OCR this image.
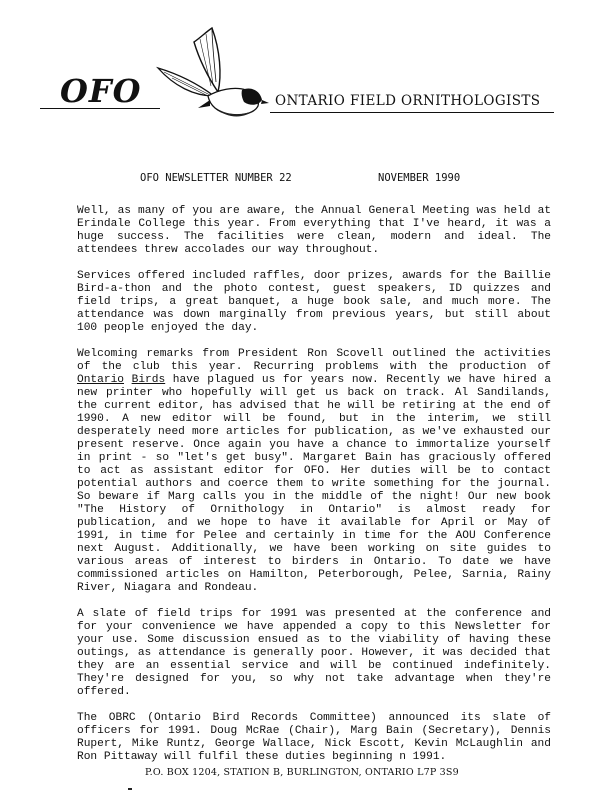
OFO	ONTARIO FIELD ORNITHOLOGISTS
OFO NEWSLETTER NUMBER 22	NOVEMBER 1990

Well, as many of you are aware, the Annual General Meeting was held at Erindale College this year. From everything that I've heard, it was a huge success. The facilities were clean, modern and ideal. The attendees threw accolades our way throughout.

Services offered included raffles, door prizes, awards for the Baillie Bird-a-thon and the photo contest, guest speakers, ID quizzes and field trips, a great banquet, a huge book sale, and much more. The attendance was down marginally from previous years, but still about 100 people enjoyed the day.

Welcoming remarks from President Ron Scovell outlined the activities of the club this year. Recurring problems with the production of Ontario Birds have plagued us for years now. Recently we have hired a new printer who hopefully will get us back on track. Al Sandilands, the current editor, has advised that he will be retiring at the end of 1990. A new editor will be found, but in the interim, we still desperately need more articles for publication, as we've exhausted our present reserve. Once again you have a chance to immortalize yourself in print - so "let's get busy". Margaret Bain has graciously offered to act as assistant editor for OFO. Her duties will be to contact potential authors and coerce them to write something for the journal. So beware if Marg calls you in the middle of the night! Our new book "The History of Ornithology in Ontario" is almost ready for publication, and we hope to have it available for April or May of 1991, in time for Pelee and certainly in time for the AOU Conference next August. Additionally, we have been working on site guides to various areas of interest to birders in Ontario. To date we have commissioned articles on Hamilton, Peterborough, Pelee, Sarnia, Rainy River, Niagara and Rondeau.

A slate of field trips for 1991 was presented at the conference and for your convenience we have appended a copy to this Newsletter for your use. Some discussion ensued as to the viability of having these outings, as attendance is generally poor. However, it was decided that they are an essential service and will be continued indefinitely. They're designed for you, so why not take advantage when they're offered.

The OBRC (Ontario Bird Records Committee) announced its slate of officers for 1991. Doug McRae (Chair), Marg Bain (Secretary), Dennis Rupert, Mike Runtz, George Wallace, Nick Escott, Kevin McLaughlin and Ron Pittaway will fulfil these duties beginning n 1991.

P.O. BOX 1204, STATION B, BURLINGTON, ONTARIO L7P 3S9
